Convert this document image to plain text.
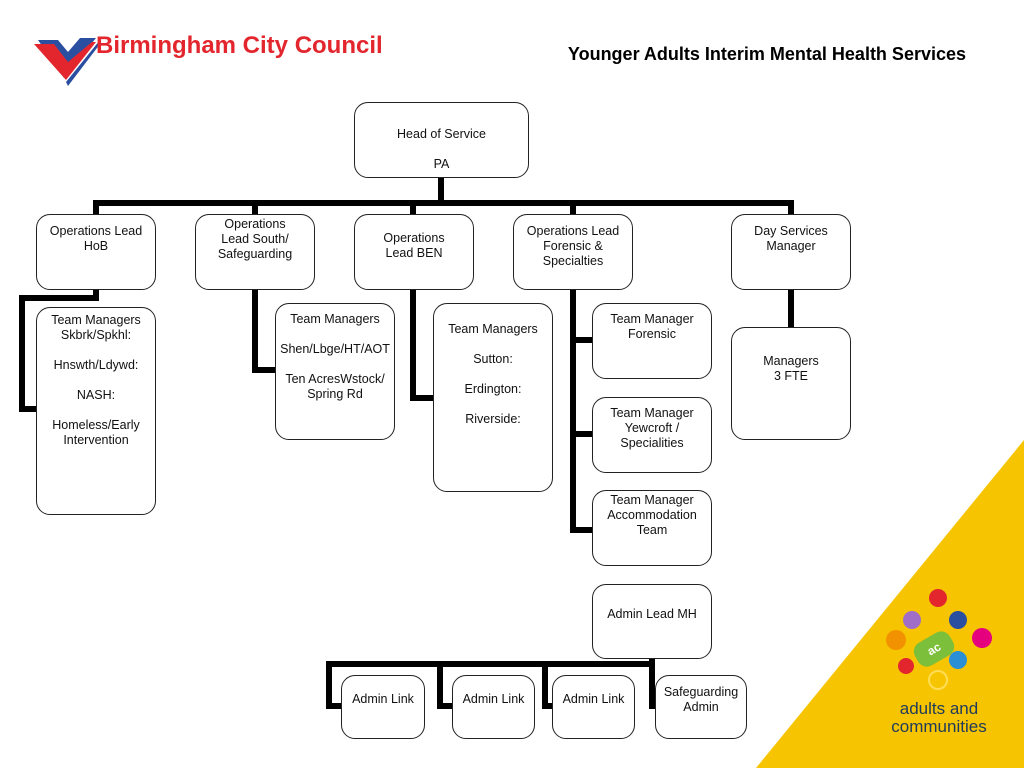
Birmingham City Council	Younger Adults Interim Mental Health Services
Head of Service

PA
Operations Lead
HoB
Operations
Lead South/
Safeguarding
Operations
Lead BEN
Operations Lead
Forensic &
Specialties
Day Services
Manager
Team Managers
Skbrk/Spkhl:

Hnswth/Ldywd:

NASH:

Homeless/Early
Intervention
Team Managers

Shen/Lbge/HT/AOT

Ten AcresWstock/
Spring Rd
Team Managers

Sutton:

Erdington:

Riverside:
Team Manager
Forensic
Team Manager
Yewcroft /
Specialities
Team Manager
Accommodation
Team
Managers
3 FTE
Admin Lead MH
Admin Link	Admin Link	Admin Link	Safeguarding
Admin
ac
adults and
communities
